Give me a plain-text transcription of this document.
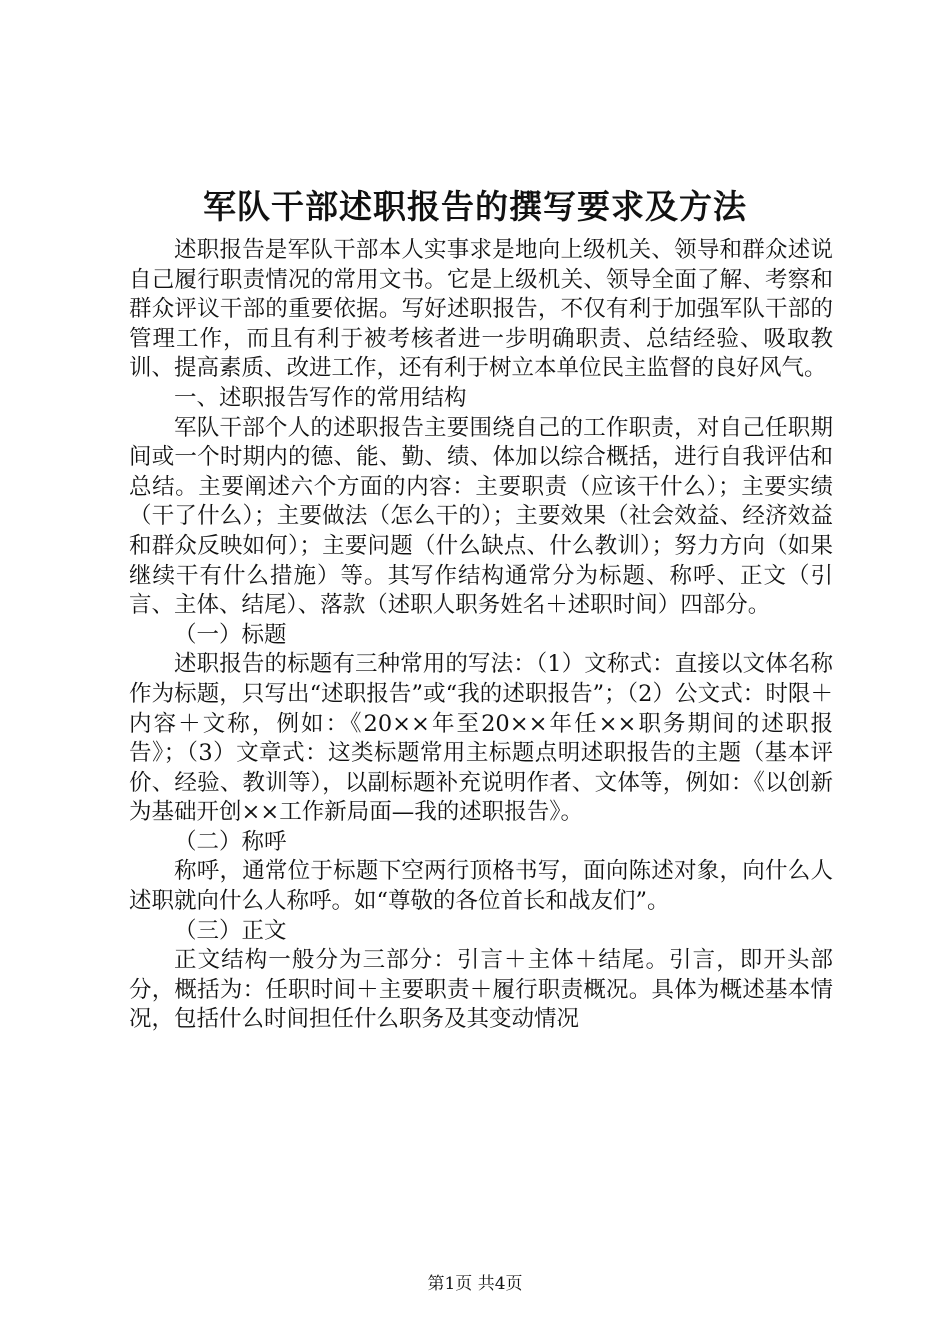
军队干部述职报告的撰写要求及方法

述职报告是军队干部本人实事求是地向上级机关、领导和群众述说自己履行职责情况的常用文书。它是上级机关、领导全面了解、考察和群众评议干部的重要依据。写好述职报告，不仅有利于加强军队干部的管理工作，而且有利于被考核者进一步明确职责、总结经验、吸取教训、提高素质、改进工作，还有利于树立本单位民主监督的良好风气。

一、述职报告写作的常用结构

军队干部个人的述职报告主要围绕自己的工作职责，对自己任职期间或一个时期内的德、能、勤、绩、体加以综合概括，进行自我评估和总结。主要阐述六个方面的内容：主要职责（应该干什么）；主要实绩（干了什么）；主要做法（怎么干的）；主要效果（社会效益、经济效益和群众反映如何）；主要问题（什么缺点、什么教训）；努力方向（如果继续干有什么措施）等。其写作结构通常分为标题、称呼、正文（引言、主体、结尾）、落款（述职人职务姓名＋述职时间）四部分。

（一）标题

述职报告的标题有三种常用的写法：（1）文称式：直接以文体名称作为标题，只写出“述职报告”或“我的述职报告”；（2）公文式：时限＋内容＋文称，例如：《20××年至20××年任××职务期间的述职报告》；（3）文章式：这类标题常用主标题点明述职报告的主题（基本评价、经验、教训等），以副标题补充说明作者、文体等，例如：《以创新为基础开创××工作新局面—我的述职报告》。

（二）称呼

称呼，通常位于标题下空两行顶格书写，面向陈述对象，向什么人述职就向什么人称呼。如“尊敬的各位首长和战友们”。

（三）正文

正文结构一般分为三部分：引言＋主体＋结尾。引言，即开头部分，概括为：任职时间＋主要职责＋履行职责概况。具体为概述基本情况，包括什么时间担任什么职务及其变动情况

第1页 共4页
